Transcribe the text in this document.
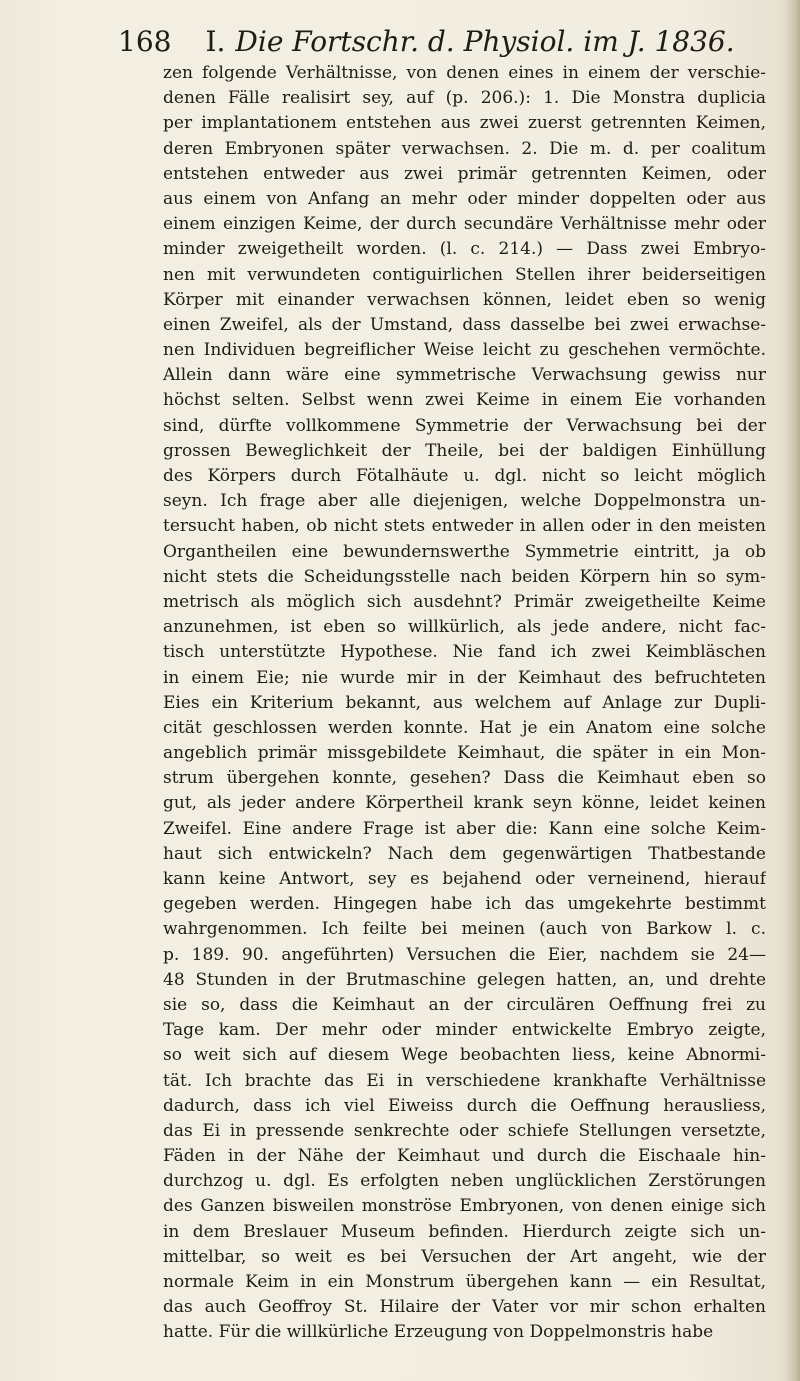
168 I. Die Fortschr. d. Physiol. im J. 1836.
zen folgende Verhältnisse, von denen eines in einem der verschie-
denen Fälle realisirt sey, auf (p. 206.): 1. Die Monstra duplicia
per implantationem entstehen aus zwei zuerst getrennten Keimen,
deren Embryonen später verwachsen. 2. Die m. d. per coalitum
entstehen entweder aus zwei primär getrennten Keimen, oder
aus einem von Anfang an mehr oder minder doppelten oder aus
einem einzigen Keime, der durch secundäre Verhältnisse mehr oder
minder zweigetheilt worden. (l. c. 214.) — Dass zwei Embryo-
nen mit verwundeten contiguirlichen Stellen ihrer beiderseitigen
Körper mit einander verwachsen können, leidet eben so wenig
einen Zweifel, als der Umstand, dass dasselbe bei zwei erwachse-
nen Individuen begreiflicher Weise leicht zu geschehen vermöchte.
Allein dann wäre eine symmetrische Verwachsung gewiss nur
höchst selten. Selbst wenn zwei Keime in einem Eie vorhanden
sind, dürfte vollkommene Symmetrie der Verwachsung bei der
grossen Beweglichkeit der Theile, bei der baldigen Einhüllung
des Körpers durch Fötalhäute u. dgl. nicht so leicht möglich
seyn. Ich frage aber alle diejenigen, welche Doppelmonstra un-
tersucht haben, ob nicht stets entweder in allen oder in den meisten
Organtheilen eine bewundernswerthe Symmetrie eintritt, ja ob
nicht stets die Scheidungsstelle nach beiden Körpern hin so sym-
metrisch als möglich sich ausdehnt? Primär zweigetheilte Keime
anzunehmen, ist eben so willkürlich, als jede andere, nicht fac-
tisch unterstützte Hypothese. Nie fand ich zwei Keimbläschen
in einem Eie; nie wurde mir in der Keimhaut des befruchteten
Eies ein Kriterium bekannt, aus welchem auf Anlage zur Dupli-
cität geschlossen werden konnte. Hat je ein Anatom eine solche
angeblich primär missgebildete Keimhaut, die später in ein Mon-
strum übergehen konnte, gesehen? Dass die Keimhaut eben so
gut, als jeder andere Körpertheil krank seyn könne, leidet keinen
Zweifel. Eine andere Frage ist aber die: Kann eine solche Keim-
haut sich entwickeln? Nach dem gegenwärtigen Thatbestande
kann keine Antwort, sey es bejahend oder verneinend, hierauf
gegeben werden. Hingegen habe ich das umgekehrte bestimmt
wahrgenommen. Ich feilte bei meinen (auch von Barkow l. c.
p. 189. 90. angeführten) Versuchen die Eier, nachdem sie 24—
48 Stunden in der Brutmaschine gelegen hatten, an, und drehte
sie so, dass die Keimhaut an der circulären Oeffnung frei zu
Tage kam. Der mehr oder minder entwickelte Embryo zeigte,
so weit sich auf diesem Wege beobachten liess, keine Abnormi-
tät. Ich brachte das Ei in verschiedene krankhafte Verhältnisse
dadurch, dass ich viel Eiweiss durch die Oeffnung herausliess,
das Ei in pressende senkrechte oder schiefe Stellungen versetzte,
Fäden in der Nähe der Keimhaut und durch die Eischaale hin-
durchzog u. dgl. Es erfolgten neben unglücklichen Zerstörungen
des Ganzen bisweilen monströse Embryonen, von denen einige sich
in dem Breslauer Museum befinden. Hierdurch zeigte sich un-
mittelbar, so weit es bei Versuchen der Art angeht, wie der
normale Keim in ein Monstrum übergehen kann — ein Resultat,
das auch Geoffroy St. Hilaire der Vater vor mir schon erhalten
hatte. Für die willkürliche Erzeugung von Doppelmonstris habe
